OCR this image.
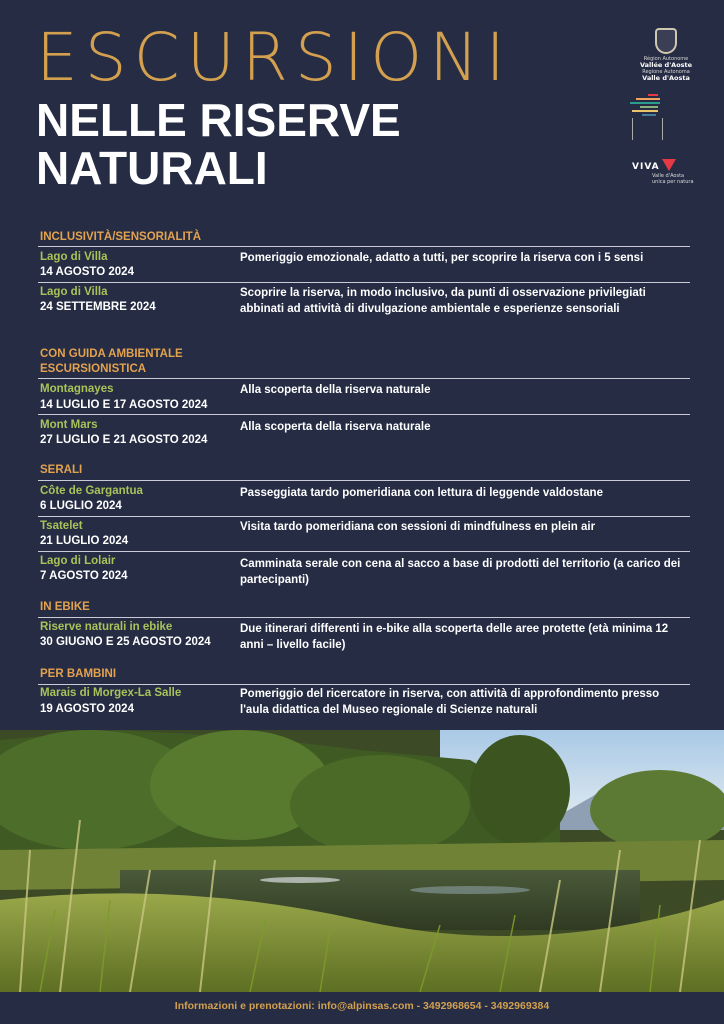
ESCURSIONI
NELLE RISERVE
NATURALI
Région Autonome
Vallée d'Aoste
Regione Autonoma
Valle d'Aosta
VIVA
Valle d'Aosta
unica per natura
INCLUSIVITÀ/SENSORIALITÀ
Lago di Villa
14 AGOSTO 2024
Pomeriggio emozionale, adatto a tutti, per scoprire la riserva con i 5 sensi
Lago di Villa
24 SETTEMBRE 2024
Scoprire la riserva, in modo inclusivo, da punti di osservazione privilegiati abbinati ad attività di divulgazione ambientale e esperienze sensoriali
CON GUIDA AMBIENTALE
ESCURSIONISTICA
Montagnayes
14 LUGLIO E 17 AGOSTO 2024
Alla scoperta della riserva naturale
Mont Mars
27 LUGLIO E 21 AGOSTO 2024
Alla scoperta della riserva naturale
SERALI
Côte de Gargantua
6 LUGLIO 2024
Passeggiata tardo pomeridiana con lettura di leggende valdostane
Tsatelet
21 LUGLIO 2024
Visita tardo pomeridiana con sessioni di mindfulness en plein air
Lago di Lolair
7 AGOSTO 2024
Camminata serale con cena al sacco a base di prodotti del territorio (a carico dei partecipanti)
IN EBIKE
Riserve naturali in ebike
30 GIUGNO E 25 AGOSTO 2024
Due itinerari differenti in e-bike alla scoperta delle aree protette (età minima 12 anni – livello facile)
PER BAMBINI
Marais di Morgex-La Salle
19 AGOSTO 2024
Pomeriggio del ricercatore in riserva, con attività di approfondimento presso l'aula didattica del Museo regionale di Scienze naturali
Informazioni e prenotazioni: info@alpinsas.com - 3492968654 - 3492969384
